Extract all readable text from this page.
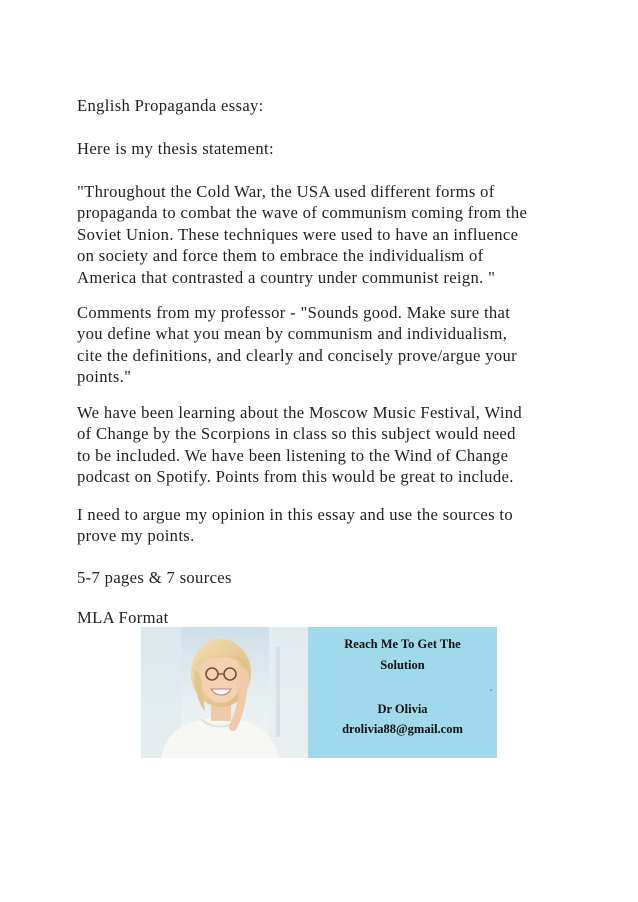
English Propaganda essay:
Here is my thesis statement:
"Throughout the Cold War, the USA used different forms of
propaganda to combat the wave of communism coming from the
Soviet Union. These techniques were used to have an influence
on society and force them to embrace the individualism of
America that contrasted a country under communist reign. "
Comments from my professor - "Sounds good. Make sure that
you define what you mean by communism and individualism,
cite the definitions, and clearly and concisely prove/argue your
points."
We have been learning about the Moscow Music Festival, Wind
of Change by the Scorpions in class so this subject would need
to be included. We have been listening to the Wind of Change
podcast on Spotify. Points from this would be great to include.
I need to argue my opinion in this essay and use the sources to
prove my points.
5-7 pages & 7 sources
MLA Format
Reach Me To Get The
Solution
Dr Olivia
drolivia88@gmail.com
